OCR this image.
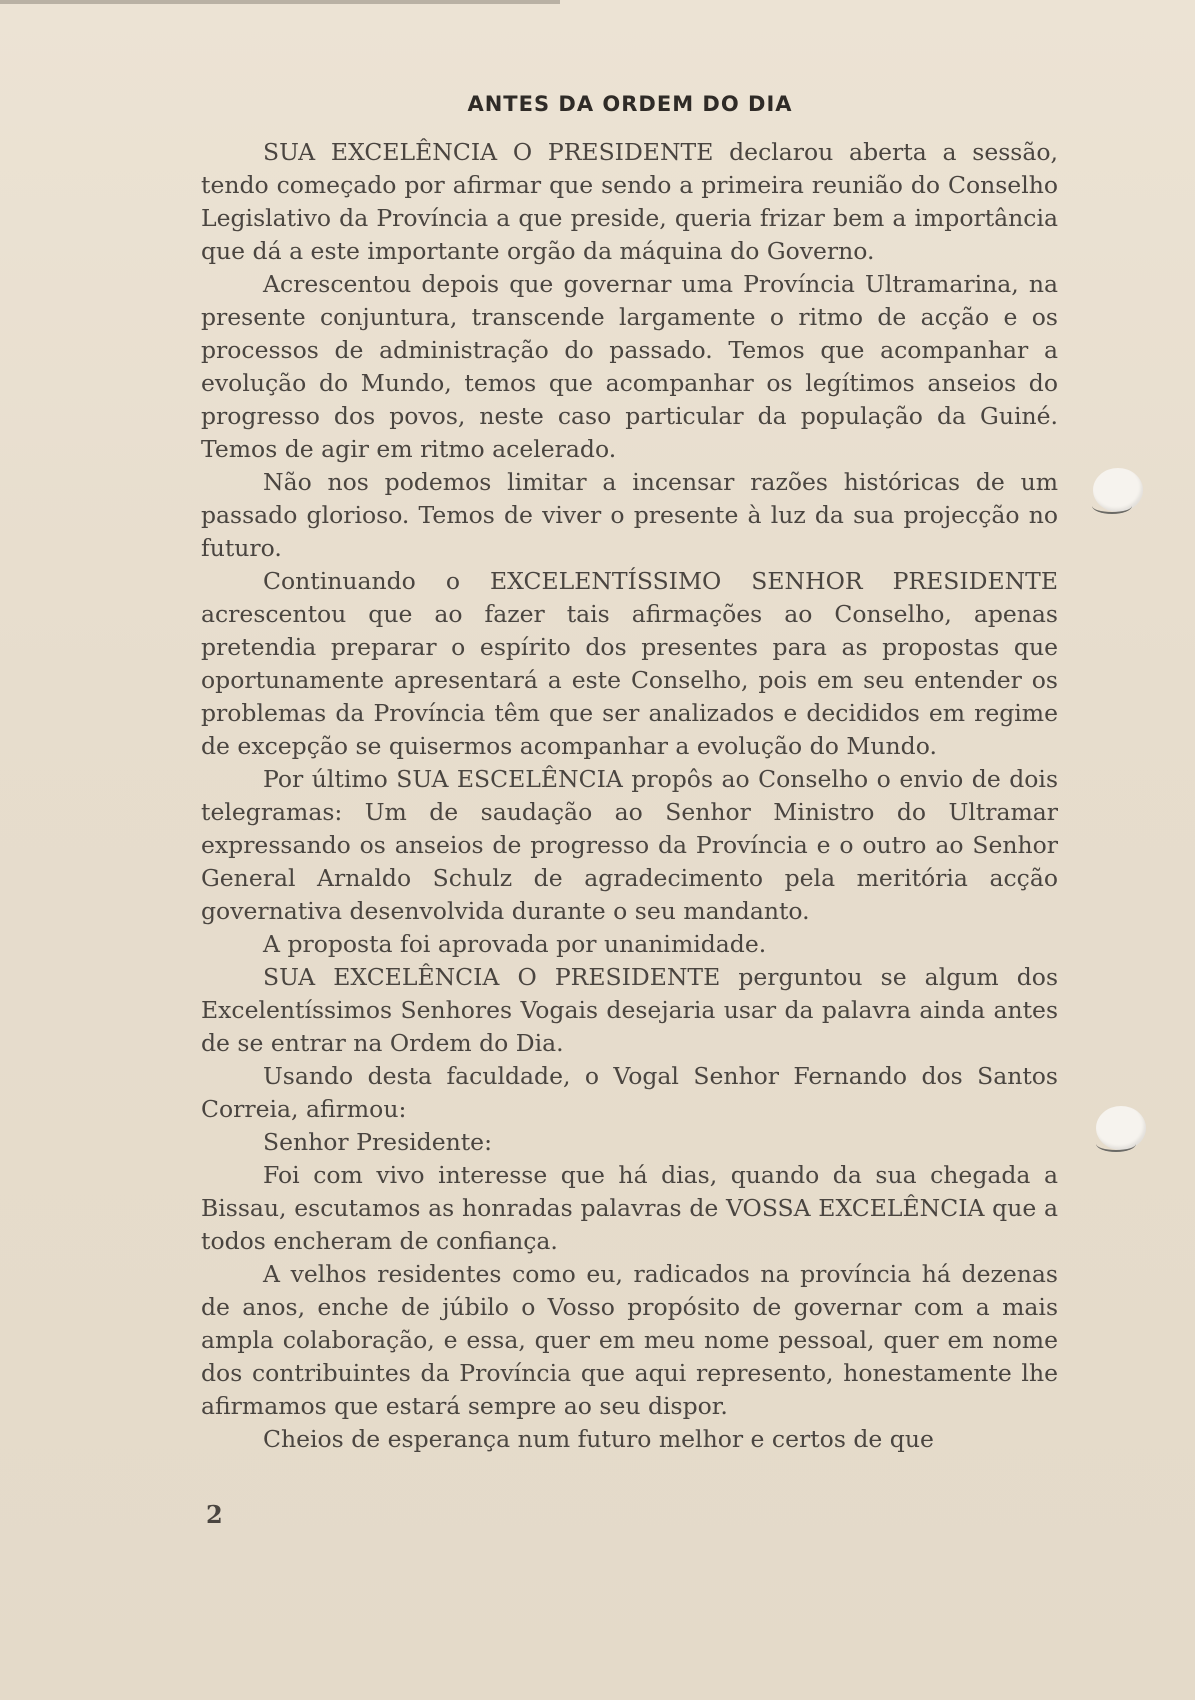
ANTES DA ORDEM DO DIA

SUA EXCELÊNCIA O PRESIDENTE declarou aberta a sessão, tendo começado por afirmar que sendo a primeira reunião do Conselho Legislativo da Província a que preside, queria frizar bem a importância que dá a este importante orgão da máquina do Governo.

Acrescentou depois que governar uma Província Ultramarina, na presente conjuntura, transcende largamente o ritmo de acção e os processos de administração do passado. Temos que acompanhar a evolução do Mundo, temos que acompanhar os legítimos anseios do progresso dos povos, neste caso particular da população da Guiné. Temos de agir em ritmo acelerado.

Não nos podemos limitar a incensar razões históricas de um passado glorioso. Temos de viver o presente à luz da sua projecção no futuro.

Continuando o EXCELENTÍSSIMO SENHOR PRESIDENTE acrescentou que ao fazer tais afirmações ao Conselho, apenas pretendia preparar o espírito dos presentes para as propostas que oportunamente apresentará a este Conselho, pois em seu entender os problemas da Província têm que ser analizados e decididos em regime de excepção se quisermos acompanhar a evolução do Mundo.

Por último SUA ESCELÊNCIA propôs ao Conselho o envio de dois telegramas: Um de saudação ao Senhor Ministro do Ultramar expressando os anseios de progresso da Província e o outro ao Senhor General Arnaldo Schulz de agradecimento pela meritória acção governativa desenvolvida durante o seu mandanto.

A proposta foi aprovada por unanimidade.

SUA EXCELÊNCIA O PRESIDENTE perguntou se algum dos Excelentíssimos Senhores Vogais desejaria usar da palavra ainda antes de se entrar na Ordem do Dia.

Usando desta faculdade, o Vogal Senhor Fernando dos Santos Correia, afirmou:

Senhor Presidente:

Foi com vivo interesse que há dias, quando da sua chegada a Bissau, escutamos as honradas palavras de VOSSA EXCELÊNCIA que a todos encheram de confiança.

A velhos residentes como eu, radicados na província há dezenas de anos, enche de júbilo o Vosso propósito de governar com a mais ampla colaboração, e essa, quer em meu nome pessoal, quer em nome dos contribuintes da Província que aqui represento, honestamente lhe afirmamos que estará sempre ao seu dispor.

Cheios de esperança num futuro melhor e certos de que

2
